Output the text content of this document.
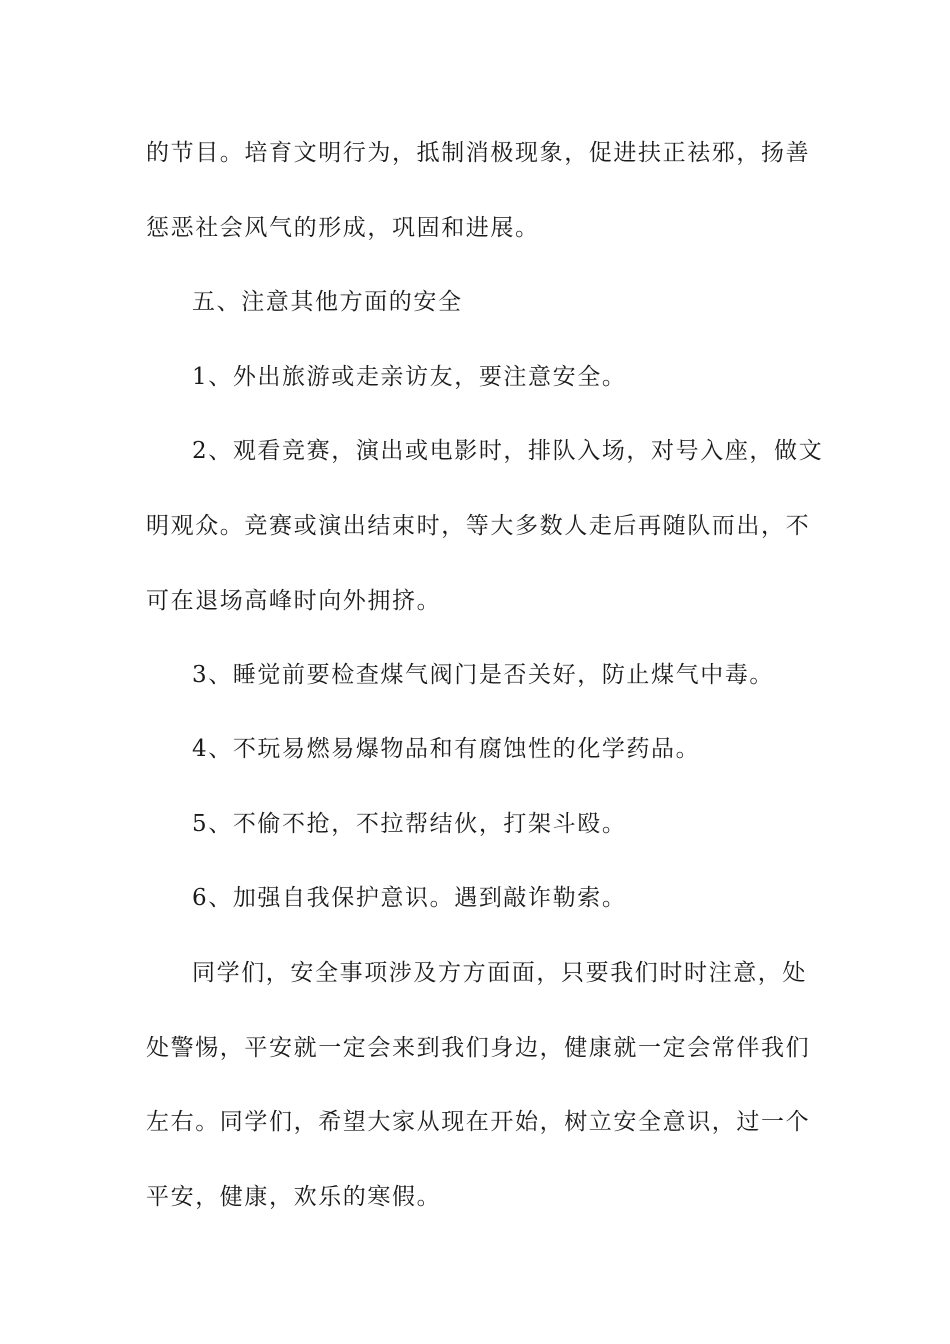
的节目。培育文明行为，抵制消极现象，促进扶正祛邪，扬善
惩恶社会风气的形成，巩固和进展。
五、注意其他方面的安全
1、外出旅游或走亲访友，要注意安全。
2、观看竞赛，演出或电影时，排队入场，对号入座，做文
明观众。竞赛或演出结束时，等大多数人走后再随队而出，不
可在退场高峰时向外拥挤。
3、睡觉前要检查煤气阀门是否关好，防止煤气中毒。
4、不玩易燃易爆物品和有腐蚀性的化学药品。
5、不偷不抢，不拉帮结伙，打架斗殴。
6、加强自我保护意识。遇到敲诈勒索。
同学们，安全事项涉及方方面面，只要我们时时注意，处
处警惕，平安就一定会来到我们身边，健康就一定会常伴我们
左右。同学们，希望大家从现在开始，树立安全意识，过一个
平安，健康，欢乐的寒假。
